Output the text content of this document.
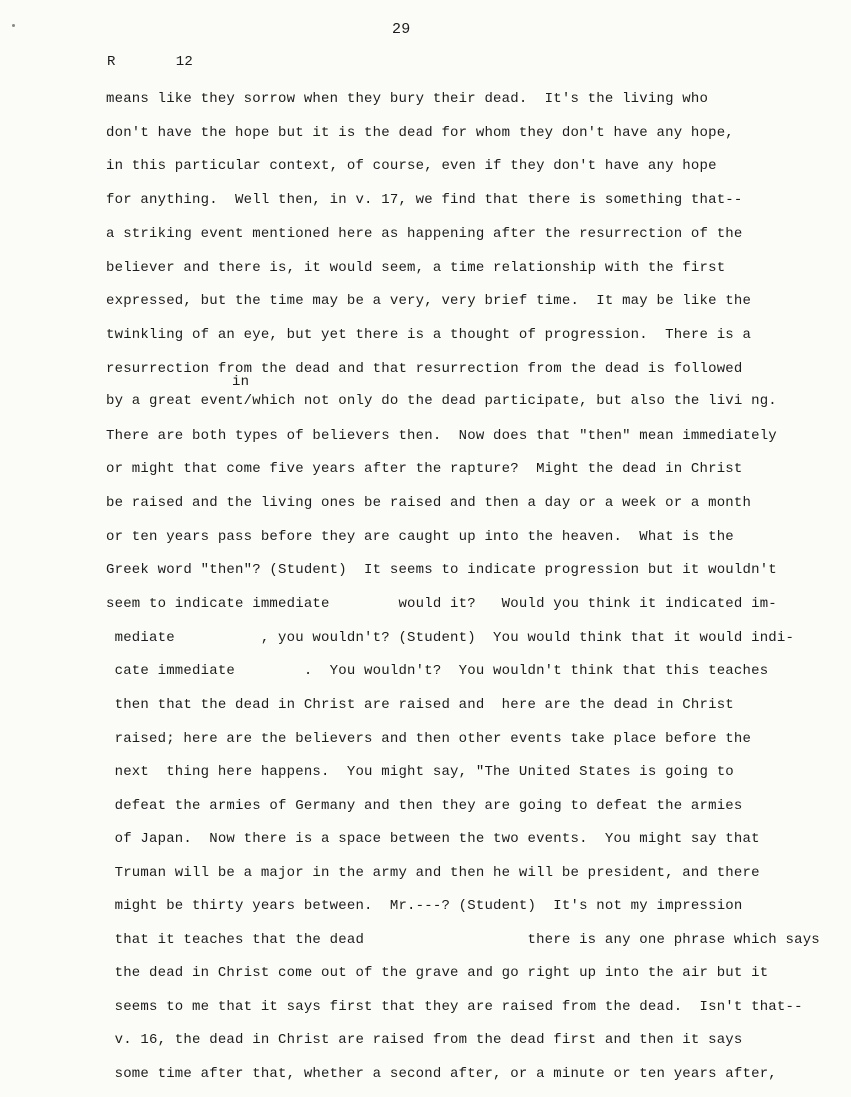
29
R       12
in
means like they sorrow when they bury their dead.  It's the living who
don't have the hope but it is the dead for whom they don't have any hope,
in this particular context, of course, even if they don't have any hope
for anything.  Well then, in v. 17, we find that there is something that--
a striking event mentioned here as happening after the resurrection of the
believer and there is, it would seem, a time relationship with the first
expressed, but the time may be a very, very brief time.  It may be like the
twinkling of an eye, but yet there is a thought of progression.  There is a
resurrection from the dead and that resurrection from the dead is followed
by a great event/which not only do the dead participate, but also the livi ng.
There are both types of believers then.  Now does that "then" mean immediately
or might that come five years after the rapture?  Might the dead in Christ
be raised and the living ones be raised and then a day or a week or a month
or ten years pass before they are caught up into the heaven.  What is the
Greek word "then"? (Student)  It seems to indicate progression but it wouldn't
seem to indicate immediate        would it?   Would you think it indicated im-
mediate          , you wouldn't? (Student)  You would think that it would indi-
cate immediate        .  You wouldn't?  You wouldn't think that this teaches
then that the dead in Christ are raised and  here are the dead in Christ
raised; here are the believers and then other events take place before the
next  thing here happens.  You might say, "The United States is going to
defeat the armies of Germany and then they are going to defeat the armies
of Japan.  Now there is a space between the two events.  You might say that
Truman will be a major in the army and then he will be president, and there
might be thirty years between.  Mr.---? (Student)  It's not my impression
that it teaches that the dead                   there is any one phrase which says
the dead in Christ come out of the grave and go right up into the air but it
seems to me that it says first that they are raised from the dead.  Isn't that--
v. 16, the dead in Christ are raised from the dead first and then it says
some time after that, whether a second after, or a minute or ten years after,
